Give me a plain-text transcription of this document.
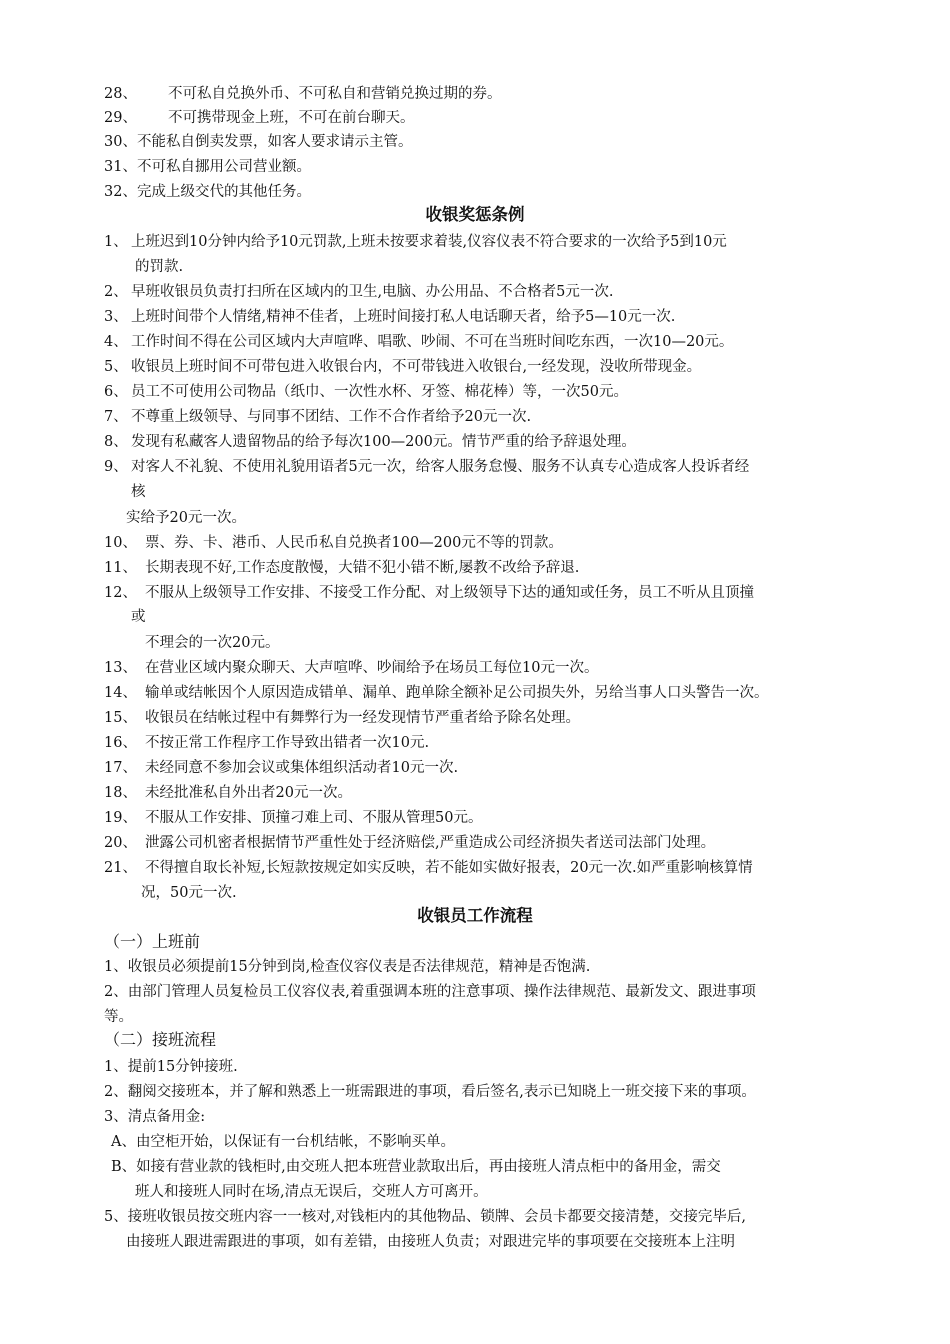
28、 不可私自兑换外币、不可私自和营销兑换过期的券。
29、 不可携带现金上班，不可在前台聊天。
30、不能私自倒卖发票，如客人要求请示主管。
31、不可私自挪用公司营业额。
32、完成上级交代的其他任务。
收银奖惩条例
1、 上班迟到10分钟内给予10元罚款,上班未按要求着装,仪容仪表不符合要求的一次给予5到10元
的罚款.
2、 早班收银员负责打扫所在区域内的卫生,电脑、办公用品、不合格者5元一次.
3、 上班时间带个人情绪,精神不佳者，上班时间接打私人电话聊天者，给予5—10元一次.
4、 工作时间不得在公司区域内大声喧哗、唱歌、吵闹、不可在当班时间吃东西，一次10—20元。
5、 收银员上班时间不可带包进入收银台内，不可带钱进入收银台,一经发现，没收所带现金。
6、 员工不可使用公司物品（纸巾、一次性水杯、牙签、棉花棒）等，一次50元。
7、 不尊重上级领导、与同事不团结、工作不合作者给予20元一次.
8、 发现有私藏客人遗留物品的给予每次100—200元。情节严重的给予辞退处理。
9、 对客人不礼貌、不使用礼貌用语者5元一次，给客人服务怠慢、服务不认真专心造成客人投诉者经
核
实给予20元一次。
10、 票、券、卡、港币、人民币私自兑换者100—200元不等的罚款。
11、 长期表现不好,工作态度散慢，大错不犯小错不断,屡教不改给予辞退.
12、 不服从上级领导工作安排、不接受工作分配、对上级领导下达的通知或任务，员工不听从且顶撞
或
不理会的一次20元。
13、 在营业区域内聚众聊天、大声喧哗、吵闹给予在场员工每位10元一次。
14、 输单或结帐因个人原因造成错单、漏单、跑单除全额补足公司损失外，另给当事人口头警告一次。
15、 收银员在结帐过程中有舞弊行为一经发现情节严重者给予除名处理。
16、 不按正常工作程序工作导致出错者一次10元.
17、 未经同意不参加会议或集体组织活动者10元一次.
18、 未经批准私自外出者20元一次。
19、 不服从工作安排、顶撞刁难上司、不服从管理50元。
20、 泄露公司机密者根据情节严重性处于经济赔偿,严重造成公司经济损失者送司法部门处理。
21、 不得擅自取长补短,长短款按规定如实反映，若不能如实做好报表，20元一次.如严重影响核算情
况，50元一次.
收银员工作流程
（一）上班前
1、收银员必须提前15分钟到岗,检查仪容仪表是否法律规范，精神是否饱满.
2、由部门管理人员复检员工仪容仪表,着重强调本班的注意事项、操作法律规范、最新发文、跟进事项
等。
（二）接班流程
1、提前15分钟接班.
2、翻阅交接班本，并了解和熟悉上一班需跟进的事项，看后签名,表示已知晓上一班交接下来的事项。
3、清点备用金:
A、由空柜开始，以保证有一台机结帐，不影响买单。
B、如接有营业款的钱柜时,由交班人把本班营业款取出后，再由接班人清点柜中的备用金，需交
班人和接班人同时在场,清点无误后，交班人方可离开。
5、接班收银员按交班内容一一核对,对钱柜内的其他物品、锁牌、会员卡都要交接清楚，交接完毕后,
由接班人跟进需跟进的事项，如有差错，由接班人负责；对跟进完毕的事项要在交接班本上注明
